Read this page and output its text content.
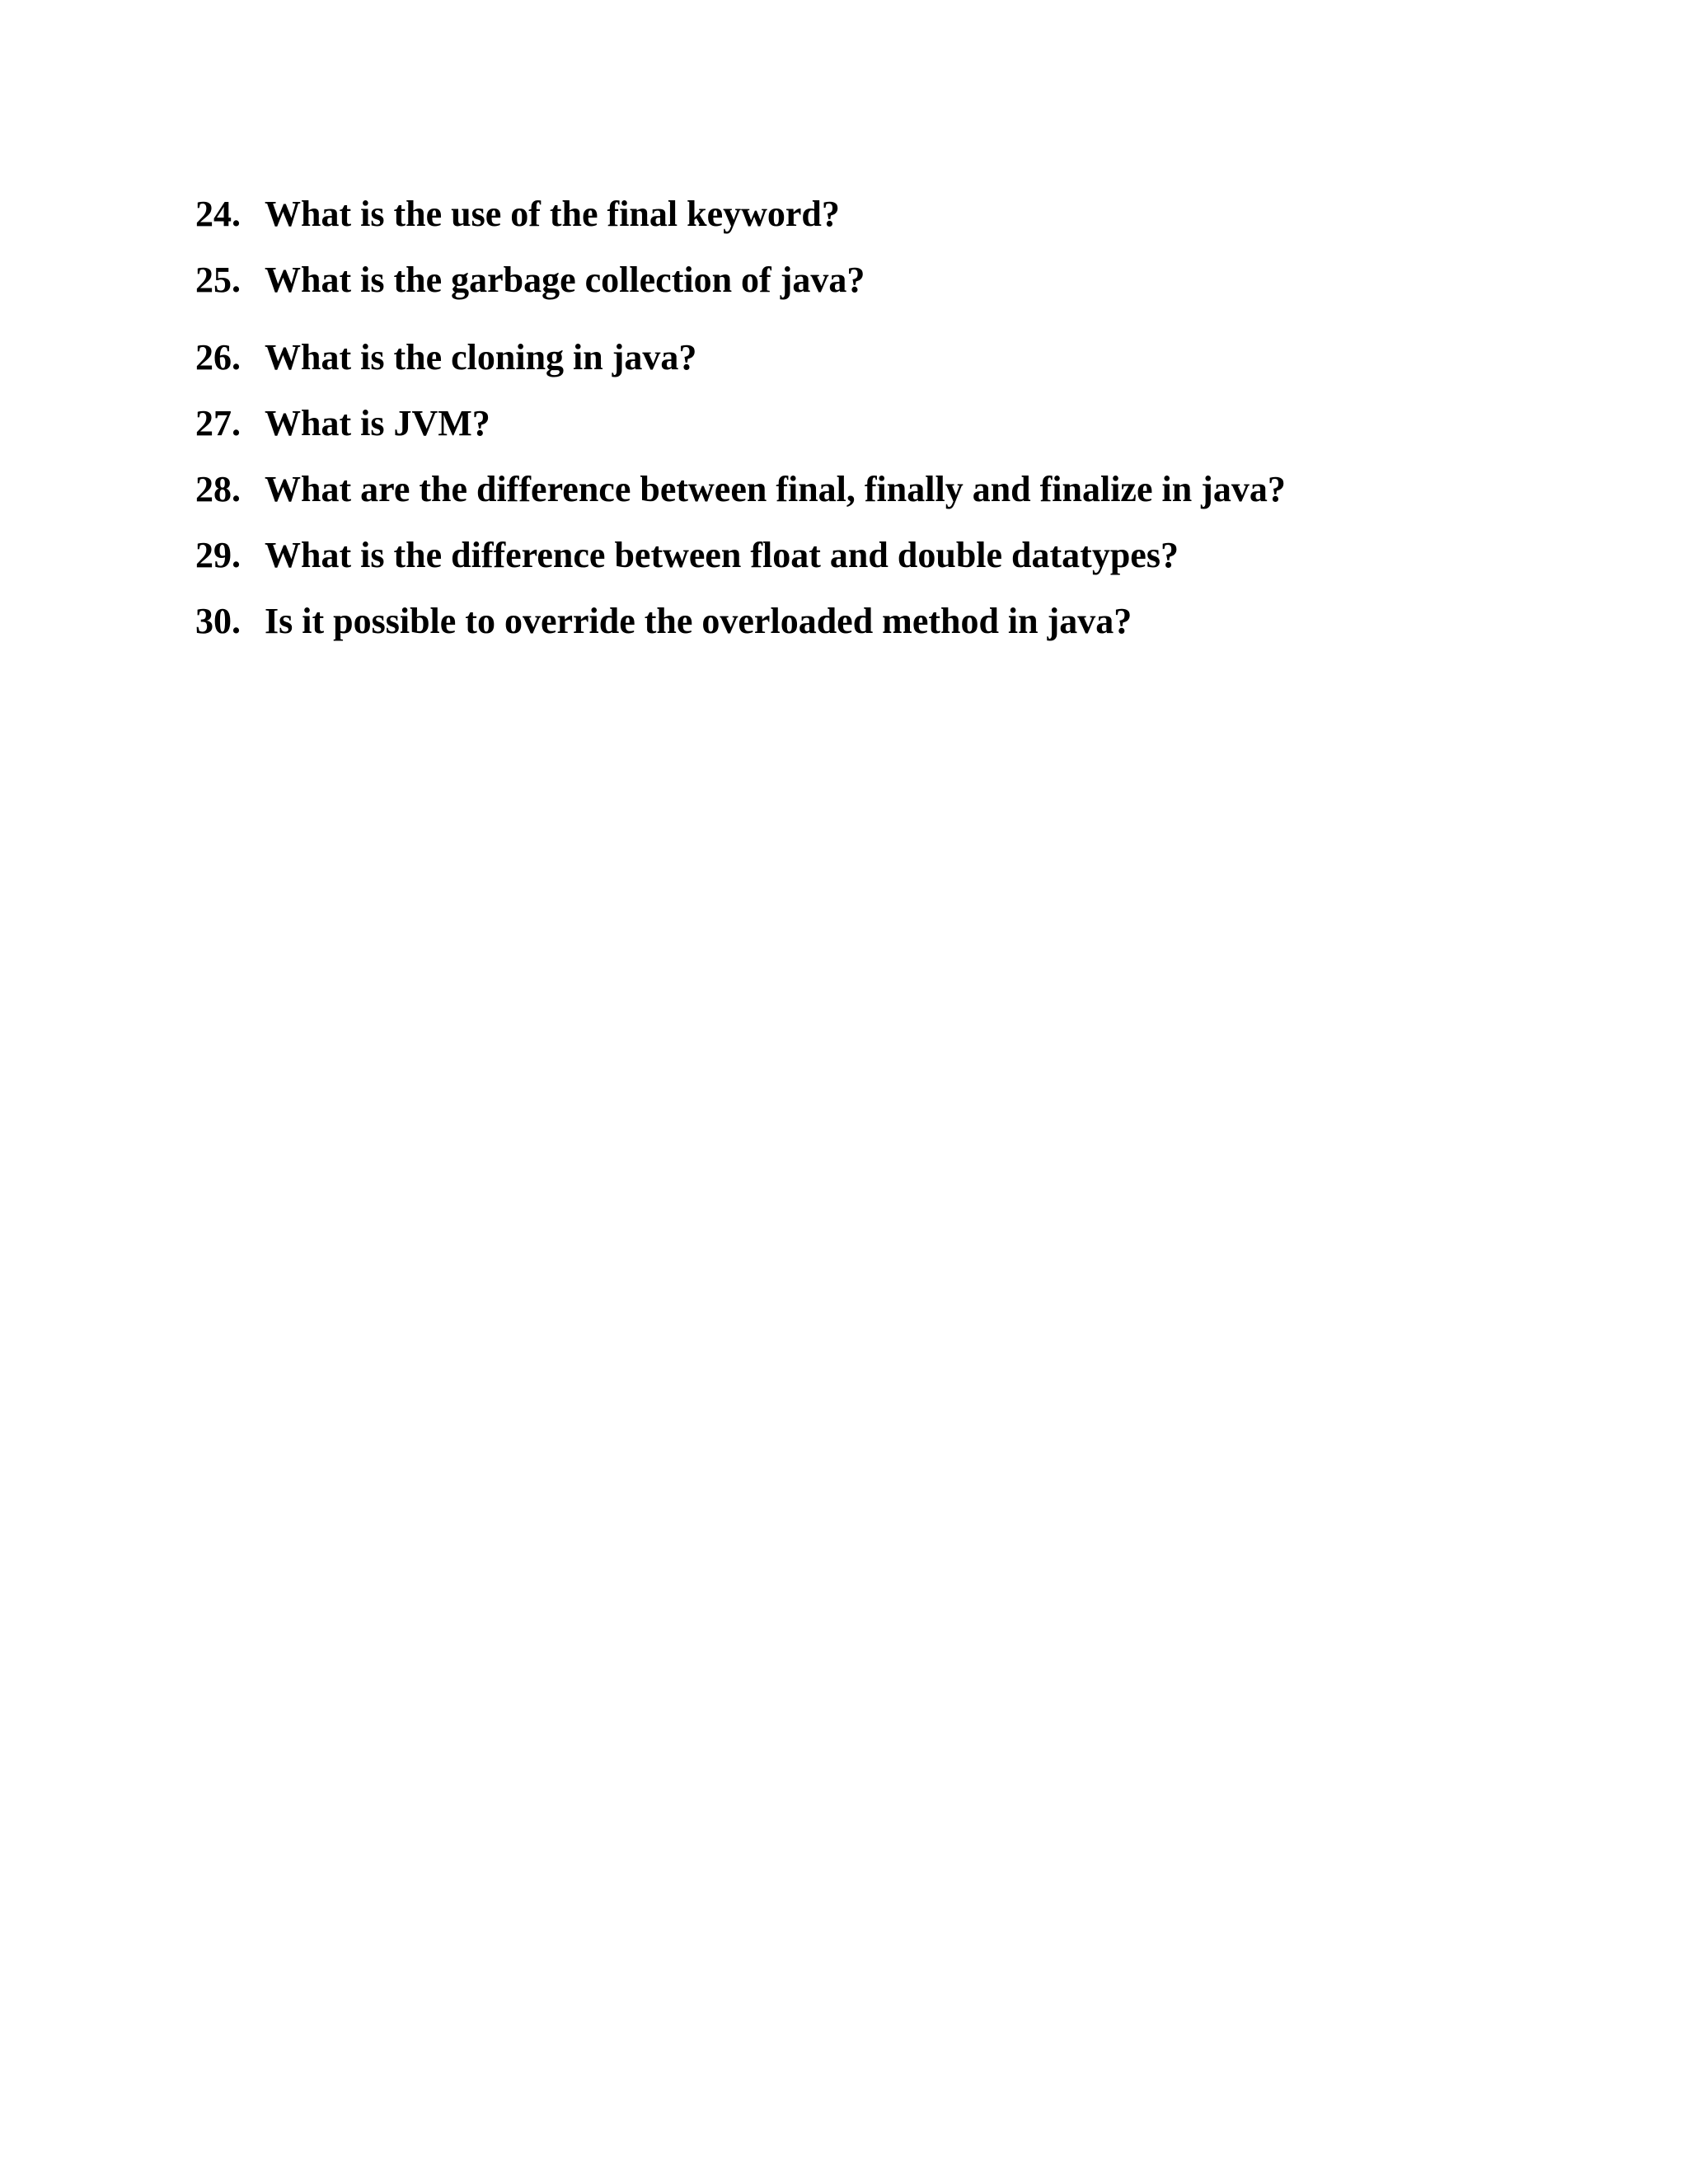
24. What is the use of the final keyword?
25. What is the garbage collection of java?
26. What is the cloning in java?
27. What is JVM?
28. What are the difference between final, finally and finalize in java?
29. What is the difference between float and double datatypes?
30. Is it possible to override the overloaded method in java?
